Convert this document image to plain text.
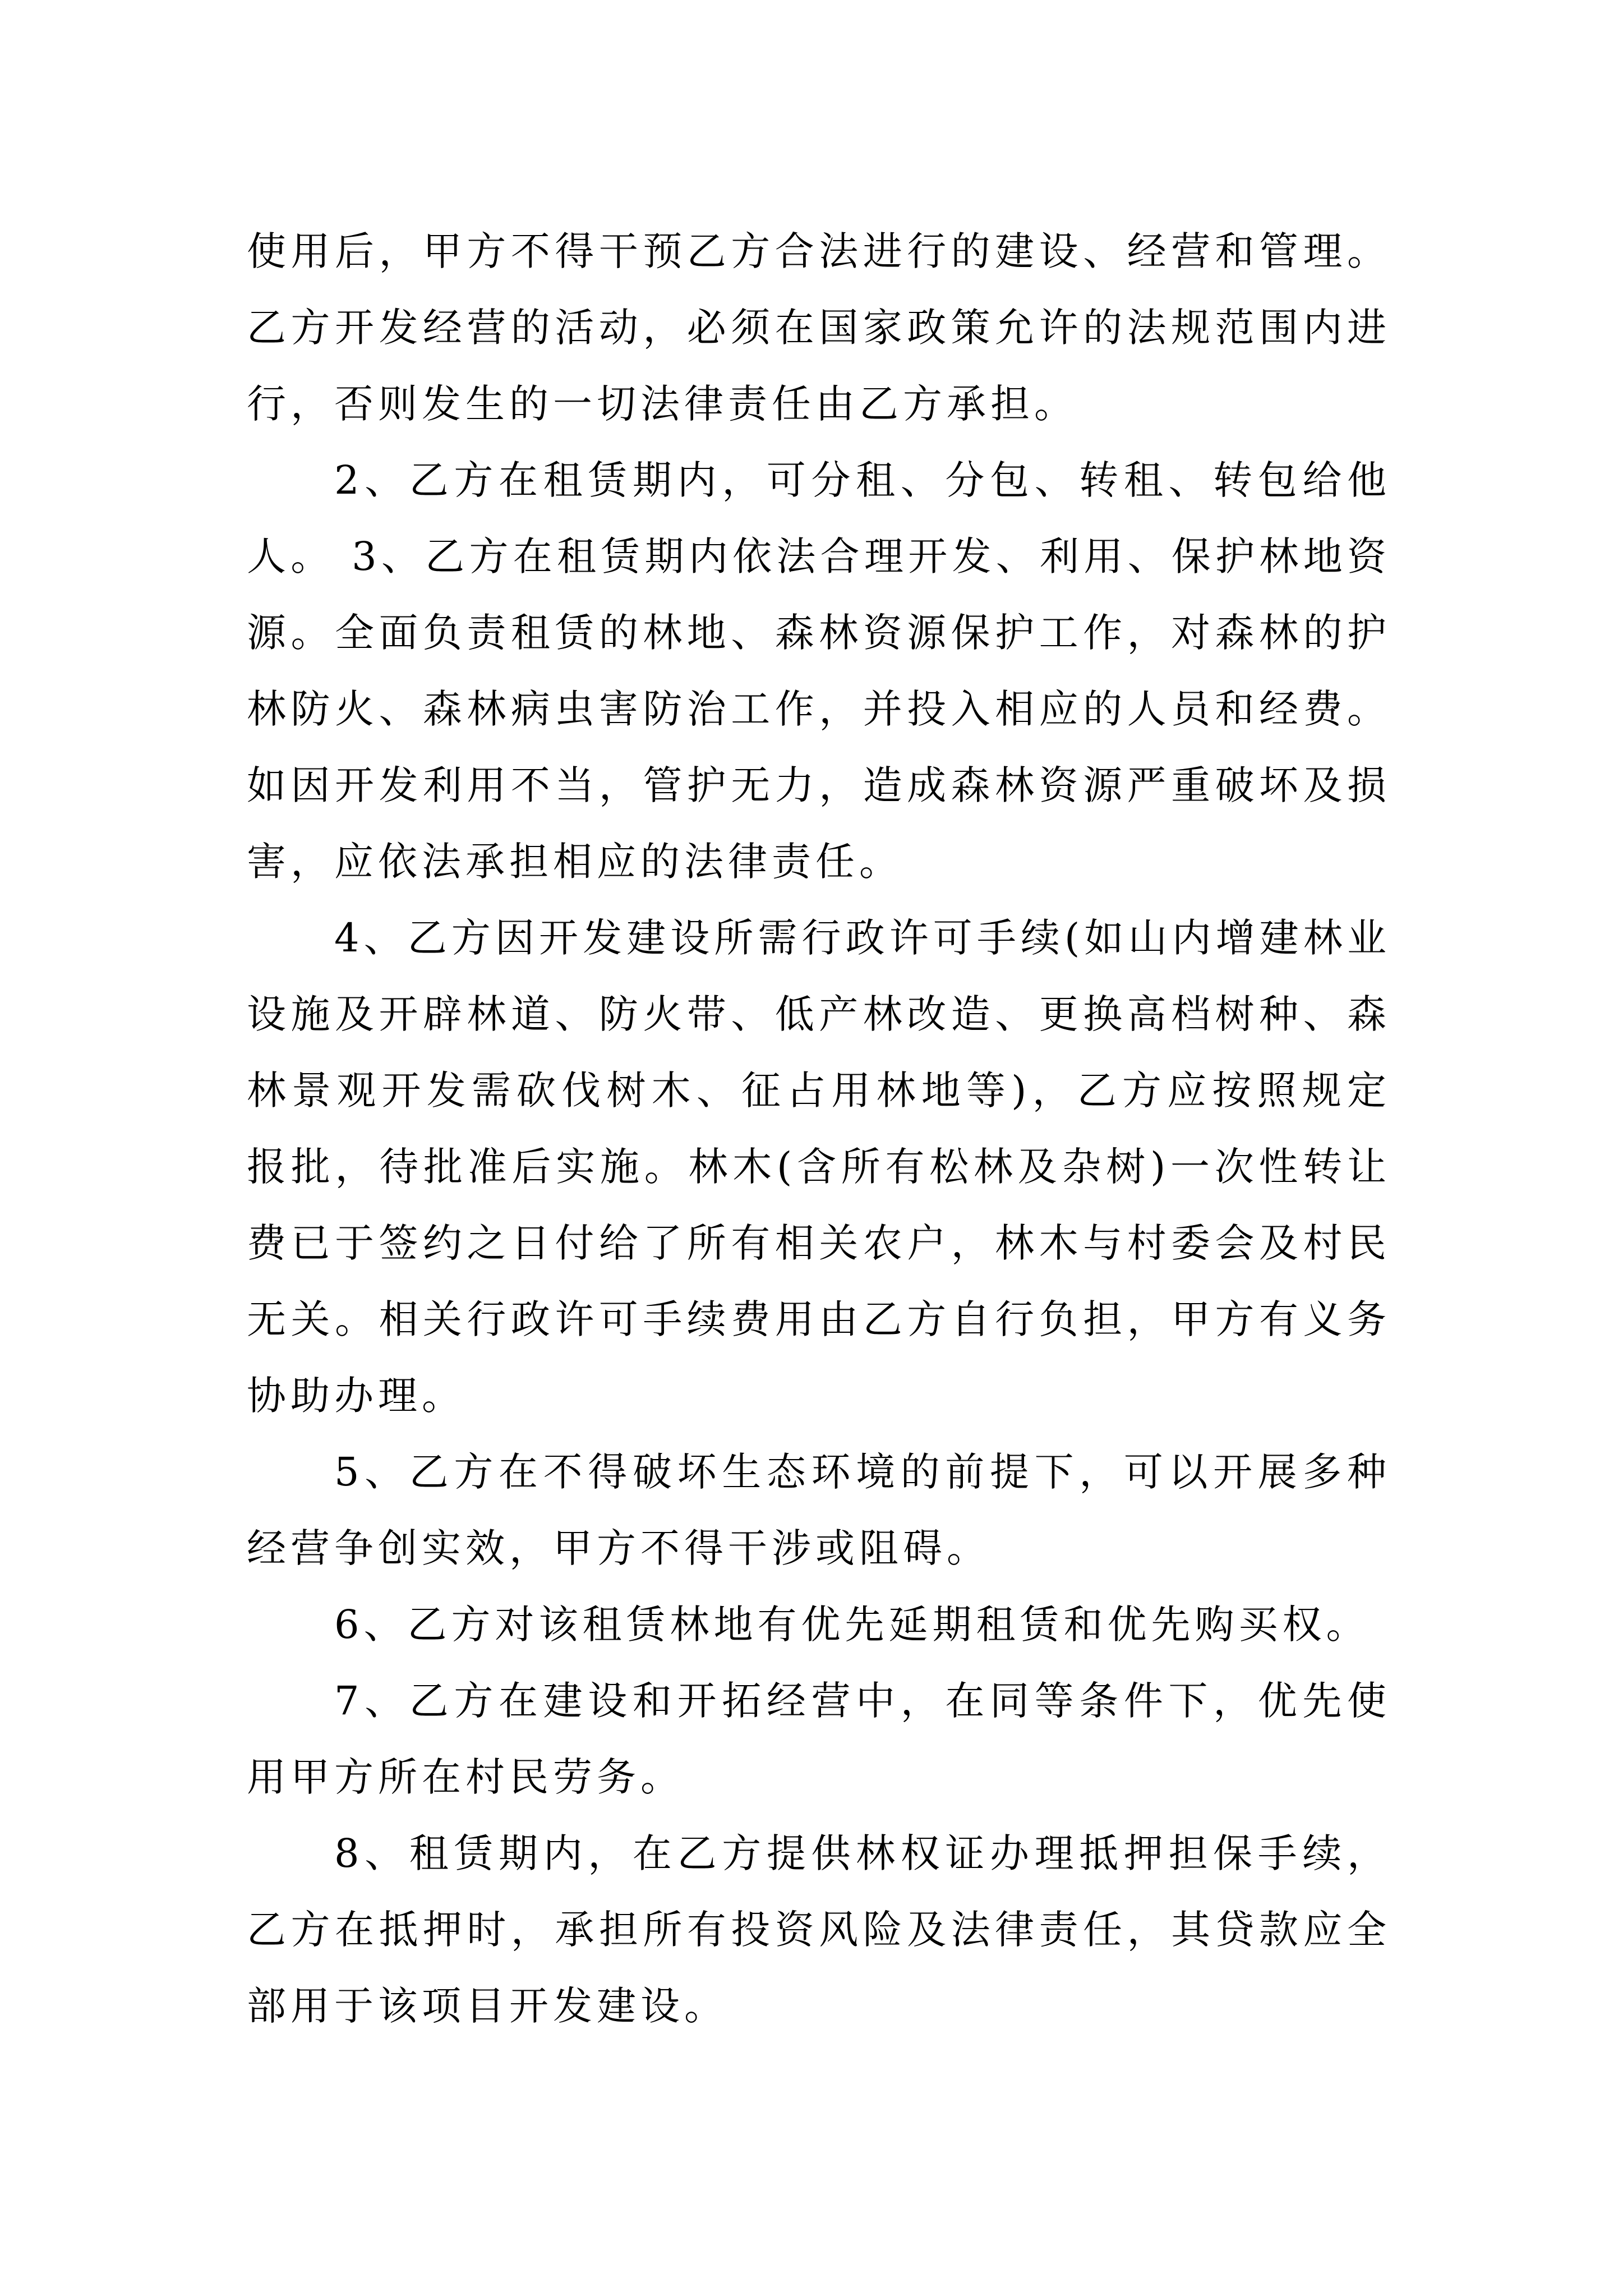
使用后，甲方不得干预乙方合法进行的建设、经营和管理。乙方开发经营的活动，必须在国家政策允许的法规范围内进行，否则发生的一切法律责任由乙方承担。

2、乙方在租赁期内，可分租、分包、转租、转包给他人。 3、乙方在租赁期内依法合理开发、利用、保护林地资源。全面负责租赁的林地、森林资源保护工作，对森林的护林防火、森林病虫害防治工作，并投入相应的人员和经费。如因开发利用不当，管护无力，造成森林资源严重破坏及损害，应依法承担相应的法律责任。

4、乙方因开发建设所需行政许可手续(如山内增建林业设施及开辟林道、防火带、低产林改造、更换高档树种、森林景观开发需砍伐树木、征占用林地等)，乙方应按照规定报批，待批准后实施。林木(含所有松林及杂树)一次性转让费已于签约之日付给了所有相关农户，林木与村委会及村民无关。相关行政许可手续费用由乙方自行负担，甲方有义务协助办理。

5、乙方在不得破坏生态环境的前提下，可以开展多种经营争创实效，甲方不得干涉或阻碍。

6、乙方对该租赁林地有优先延期租赁和优先购买权。

7、乙方在建设和开拓经营中，在同等条件下，优先使用甲方所在村民劳务。

8、租赁期内，在乙方提供林权证办理抵押担保手续，乙方在抵押时，承担所有投资风险及法律责任，其贷款应全部用于该项目开发建设。
